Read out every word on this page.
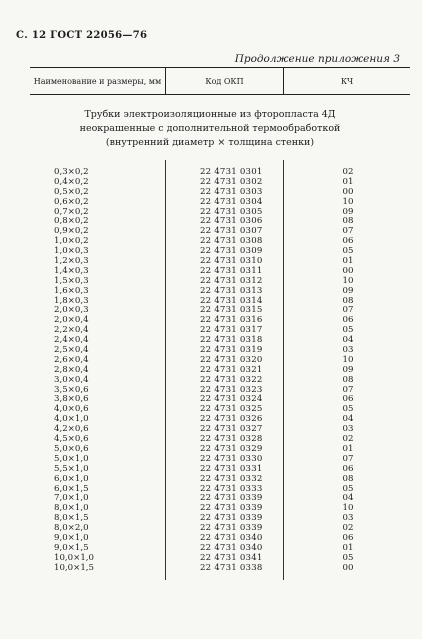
С. 12 ГОСТ 22056—76
Продолжение приложения 3
Наименование и размеры, мм	Код ОКП	КЧ
Трубки электроизоляционные из фторопласта 4Д
неокрашенные с дополнительной термообработкой
(внутренний диаметр × толщина стенки)
0,3×0,2	22 4731 0301	02
0,4×0,2	22 4731 0302	01
0,5×0,2	22 4731 0303	00
0,6×0,2	22 4731 0304	10
0,7×0,2	22 4731 0305	09
0,8×0,2	22 4731 0306	08
0,9×0,2	22 4731 0307	07
1,0×0,2	22 4731 0308	06
1,0×0,3	22 4731 0309	05
1,2×0,3	22 4731 0310	01
1,4×0,3	22 4731 0311	00
1,5×0,3	22 4731 0312	10
1,6×0,3	22 4731 0313	09
1,8×0,3	22 4731 0314	08
2,0×0,3	22 4731 0315	07
2,0×0,4	22 4731 0316	06
2,2×0,4	22 4731 0317	05
2,4×0,4	22 4731 0318	04
2,5×0,4	22 4731 0319	03
2,6×0,4	22 4731 0320	10
2,8×0,4	22 4731 0321	09
3,0×0,4	22 4731 0322	08
3,5×0,6	22 4731 0323	07
3,8×0,6	22 4731 0324	06
4,0×0,6	22 4731 0325	05
4,0×1,0	22 4731 0326	04
4,2×0,6	22 4731 0327	03
4,5×0,6	22 4731 0328	02
5,0×0,6	22 4731 0329	01
5,0×1,0	22 4731 0330	07
5,5×1,0	22 4731 0331	06
6,0×1,0	22 4731 0332	08
6,0×1,5	22 4731 0333	05
7,0×1,0	22 4731 0339	04
8,0×1,0	22 4731 0339	10
8,0×1,5	22 4731 0339	03
8,0×2,0	22 4731 0339	02
9,0×1,0	22 4731 0340	06
9,0×1,5	22 4731 0340	01
10,0×1,0	22 4731 0341	05
10,0×1,5	22 4731 0338	00
